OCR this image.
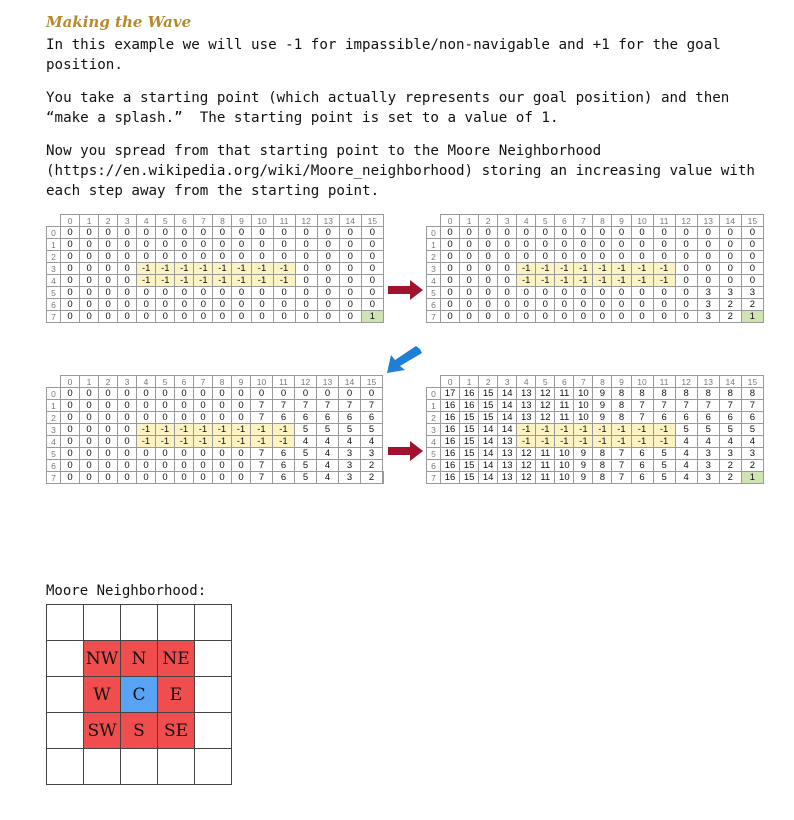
Making the Wave

In this example we will use -1 for impassible/non-navigable and +1 for the goal position.

You take a starting point (which actually represents our goal position) and then “make a splash.”  The starting point is set to a value of 1.

Now you spread from that starting point to the Moore Neighborhood (https://en.wikipedia.org/wiki/Moore_neighborhood) storing an increasing value with each step away from the starting point.

	0	1	2	3	4	5	6	7	8	9	10	11	12	13	14	15
0	0	0	0	0	0	0	0	0	0	0	0	0	0	0	0	0
1	0	0	0	0	0	0	0	0	0	0	0	0	0	0	0	0
2	0	0	0	0	0	0	0	0	0	0	0	0	0	0	0	0
3	0	0	0	0	-1	-1	-1	-1	-1	-1	-1	-1	0	0	0	0
4	0	0	0	0	-1	-1	-1	-1	-1	-1	-1	-1	0	0	0	0
5	0	0	0	0	0	0	0	0	0	0	0	0	0	0	0	0
6	0	0	0	0	0	0	0	0	0	0	0	0	0	0	0	0
7	0	0	0	0	0	0	0	0	0	0	0	0	0	0	0	1
	0	1	2	3	4	5	6	7	8	9	10	11	12	13	14	15
0	0	0	0	0	0	0	0	0	0	0	0	0	0	0	0	0
1	0	0	0	0	0	0	0	0	0	0	0	0	0	0	0	0
2	0	0	0	0	0	0	0	0	0	0	0	0	0	0	0	0
3	0	0	0	0	-1	-1	-1	-1	-1	-1	-1	-1	0	0	0	0
4	0	0	0	0	-1	-1	-1	-1	-1	-1	-1	-1	0	0	0	0
5	0	0	0	0	0	0	0	0	0	0	0	0	0	3	3	3
6	0	0	0	0	0	0	0	0	0	0	0	0	0	3	2	2
7	0	0	0	0	0	0	0	0	0	0	0	0	0	3	2	1
	0	1	2	3	4	5	6	7	8	9	10	11	12	13	14	15	
0	0	0	0	0	0	0	0	0	0	0	0	0	0	0	0	0	
1	0	0	0	0	0	0	0	0	0	0	7	7	7	7	7	7	
2	0	0	0	0	0	0	0	0	0	0	7	6	6	6	6	6	
3	0	0	0	0	-1	-1	-1	-1	-1	-1	-1	-1	5	5	5	5	
4	0	0	0	0	-1	-1	-1	-1	-1	-1	-1	-1	4	4	4	4	
5	0	0	0	0	0	0	0	0	0	0	7	6	5	4	3	3	
6	0	0	0	0	0	0	0	0	0	0	7	6	5	4	3	2	
7	0	0	0	0	0	0	0	0	0	0	7	6	5	4	3	2	
	0	1	2	3	4	5	6	7	8	9	10	11	12	13	14	15
0	17	16	15	14	13	12	11	10	9	8	8	8	8	8	8	8
1	16	16	15	14	13	12	11	10	9	8	7	7	7	7	7	7
2	16	15	15	14	13	12	11	10	9	8	7	6	6	6	6	6
3	16	15	14	14	-1	-1	-1	-1	-1	-1	-1	-1	5	5	5	5
4	16	15	14	13	-1	-1	-1	-1	-1	-1	-1	-1	4	4	4	4
5	16	15	14	13	12	11	10	9	8	7	6	5	4	3	3	3
6	16	15	14	13	12	11	10	9	8	7	6	5	4	3	2	2
7	16	15	14	13	12	11	10	9	8	7	6	5	4	3	2	1
Moore Neighborhood:

	NW	N	NE	
	W	C	E	
	SW	S	SE	
